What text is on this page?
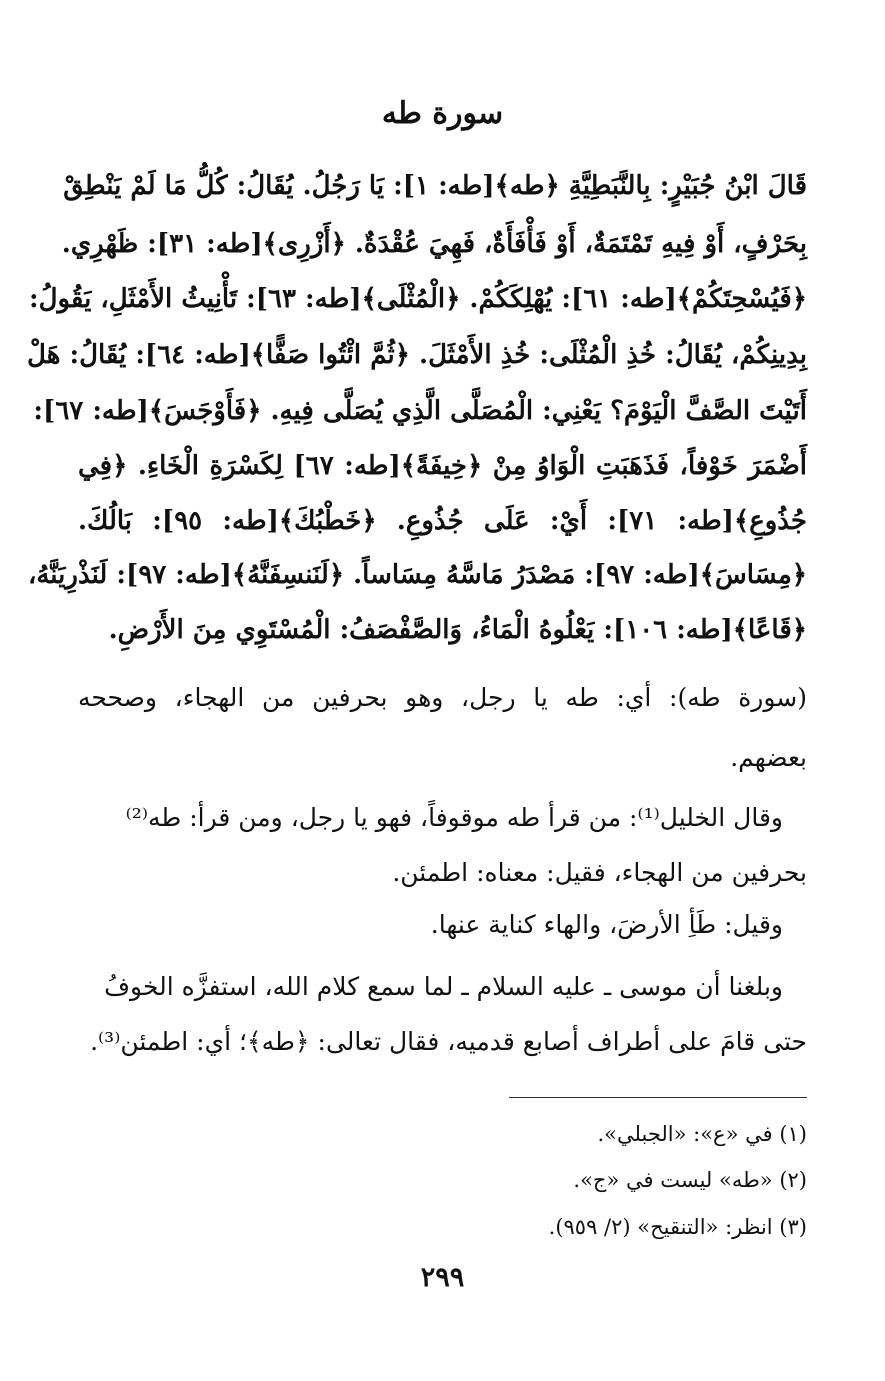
سورة طه
قَالَ ابْنُ جُبَيْرٍ: بِالنَّبَطِيَّةِ ﴿طه﴾[طه: ١]: يَا رَجُلُ. يُقَالُ: كُلُّ مَا لَمْ يَنْطِقْ
بِحَرْفٍ، أَوْ فِيهِ تَمْتَمَةٌ، أَوْ فَأْفَأَةٌ، فَهِيَ عُقْدَةٌ. ﴿أَزْرِى﴾[طه: ٣١]: ظَهْرِي.
﴿فَيُسْحِتَكُمْ﴾[طه: ٦١]: يُهْلِكَكُمْ. ﴿الْمُثْلَى﴾[طه: ٦٣]: تَأْنِيثُ الأَمْثَلِ، يَقُولُ:
بِدِينِكُمْ، يُقَالُ: خُذِ الْمُثْلَى: خُذِ الأَمْثَلَ. ﴿ثُمَّ ائْتُوا صَفًّا﴾[طه: ٦٤]: يُقَالُ: هَلْ
أَتَيْتَ الصَّفَّ الْيَوْمَ؟ يَعْنِي: الْمُصَلَّى الَّذِي يُصَلَّى فِيهِ. ﴿فَأَوْجَسَ﴾[طه: ٦٧]:
أَضْمَرَ خَوْفاً، فَذَهَبَتِ الْوَاوُ مِنْ ﴿خِيفَةً﴾[طه: ٦٧] لِكَسْرَةِ الْخَاءِ. ﴿فِي
جُذُوعِ﴾[طه: ٧١]: أَيْ: عَلَى جُذُوعِ. ﴿خَطْبُكَ﴾[طه: ٩٥]: بَالُكَ.
﴿مِسَاسَ﴾[طه: ٩٧]: مَصْدَرُ مَاسَّهُ مِسَاساً. ﴿لَنَنسِفَنَّهُ﴾[طه: ٩٧]: لَنَذْرِيَنَّهُ،
﴿قَاعًا﴾[طه: ١٠٦]: يَعْلُوهُ الْمَاءُ، وَالصَّفْصَفُ: الْمُسْتَوِي مِنَ الأَرْضِ.
(سورة طه): أي: طه يا رجل، وهو بحرفين من الهجاء، وصححه
بعضهم.
وقال الخليل⁽¹⁾: من قرأ طه موقوفاً، فهو يا رجل، ومن قرأ: طه⁽²⁾
بحرفين من الهجاء، فقيل: معناه: اطمئن.
وقيل: طَأِ الأرضَ، والهاء كناية عنها.
وبلغنا أن موسى ـ عليه السلام ـ لما سمع كلام الله، استفزَّه الخوفُ
حتى قامَ على أطراف أصابع قدميه، فقال تعالى: ﴿طه﴾؛ أي: اطمئن⁽³⁾.
(١) في «ع»: «الجبلي».
(٢) «طه» ليست في «ج».
(٣) انظر: «التنقيح» (٢/ ٩٥٩).
٢٩٩
